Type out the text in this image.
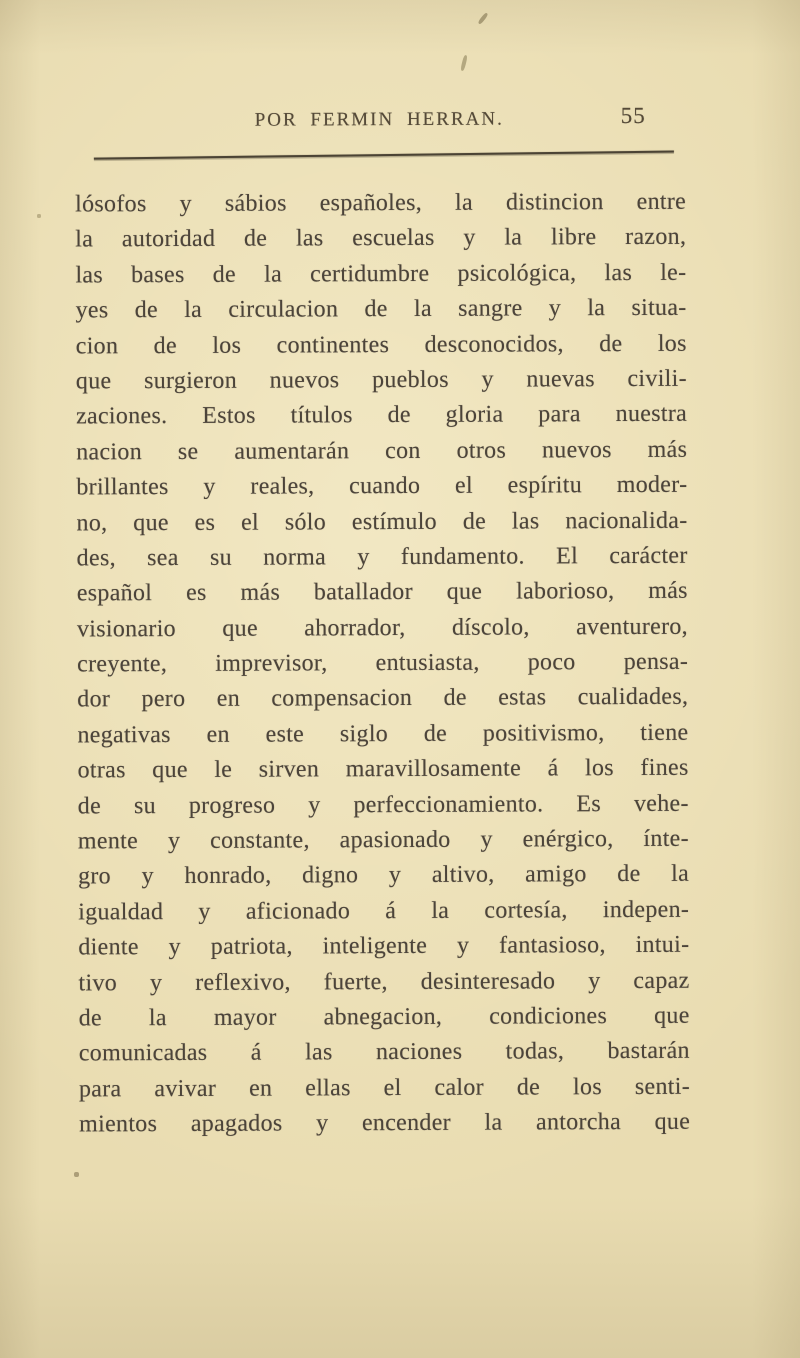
POR FERMIN HERRAN.	55
lósofos y sábios españoles, la distincion entre
la autoridad de las escuelas y la libre razon,
las bases de la certidumbre psicológica, las le-
yes de la circulacion de la sangre y la situa-
cion de los continentes desconocidos, de los
que surgieron nuevos pueblos y nuevas civili-
zaciones. Estos títulos de gloria para nuestra
nacion se aumentarán con otros nuevos más
brillantes y reales, cuando el espíritu moder-
no, que es el sólo estímulo de las nacionalida-
des, sea su norma y fundamento. El carácter
español es más batallador que laborioso, más
visionario que ahorrador, díscolo, aventurero,
creyente, imprevisor, entusiasta, poco pensa-
dor pero en compensacion de estas cualidades,
negativas en este siglo de positivismo, tiene
otras que le sirven maravillosamente á los fines
de su progreso y perfeccionamiento. Es vehe-
mente y constante, apasionado y enérgico, ínte-
gro y honrado, digno y altivo, amigo de la
igualdad y aficionado á la cortesía, indepen-
diente y patriota, inteligente y fantasioso, intui-
tivo y reflexivo, fuerte, desinteresado y capaz
de la mayor abnegacion, condiciones que
comunicadas á las naciones todas, bastarán
para avivar en ellas el calor de los senti-
mientos apagados y encender la antorcha que
